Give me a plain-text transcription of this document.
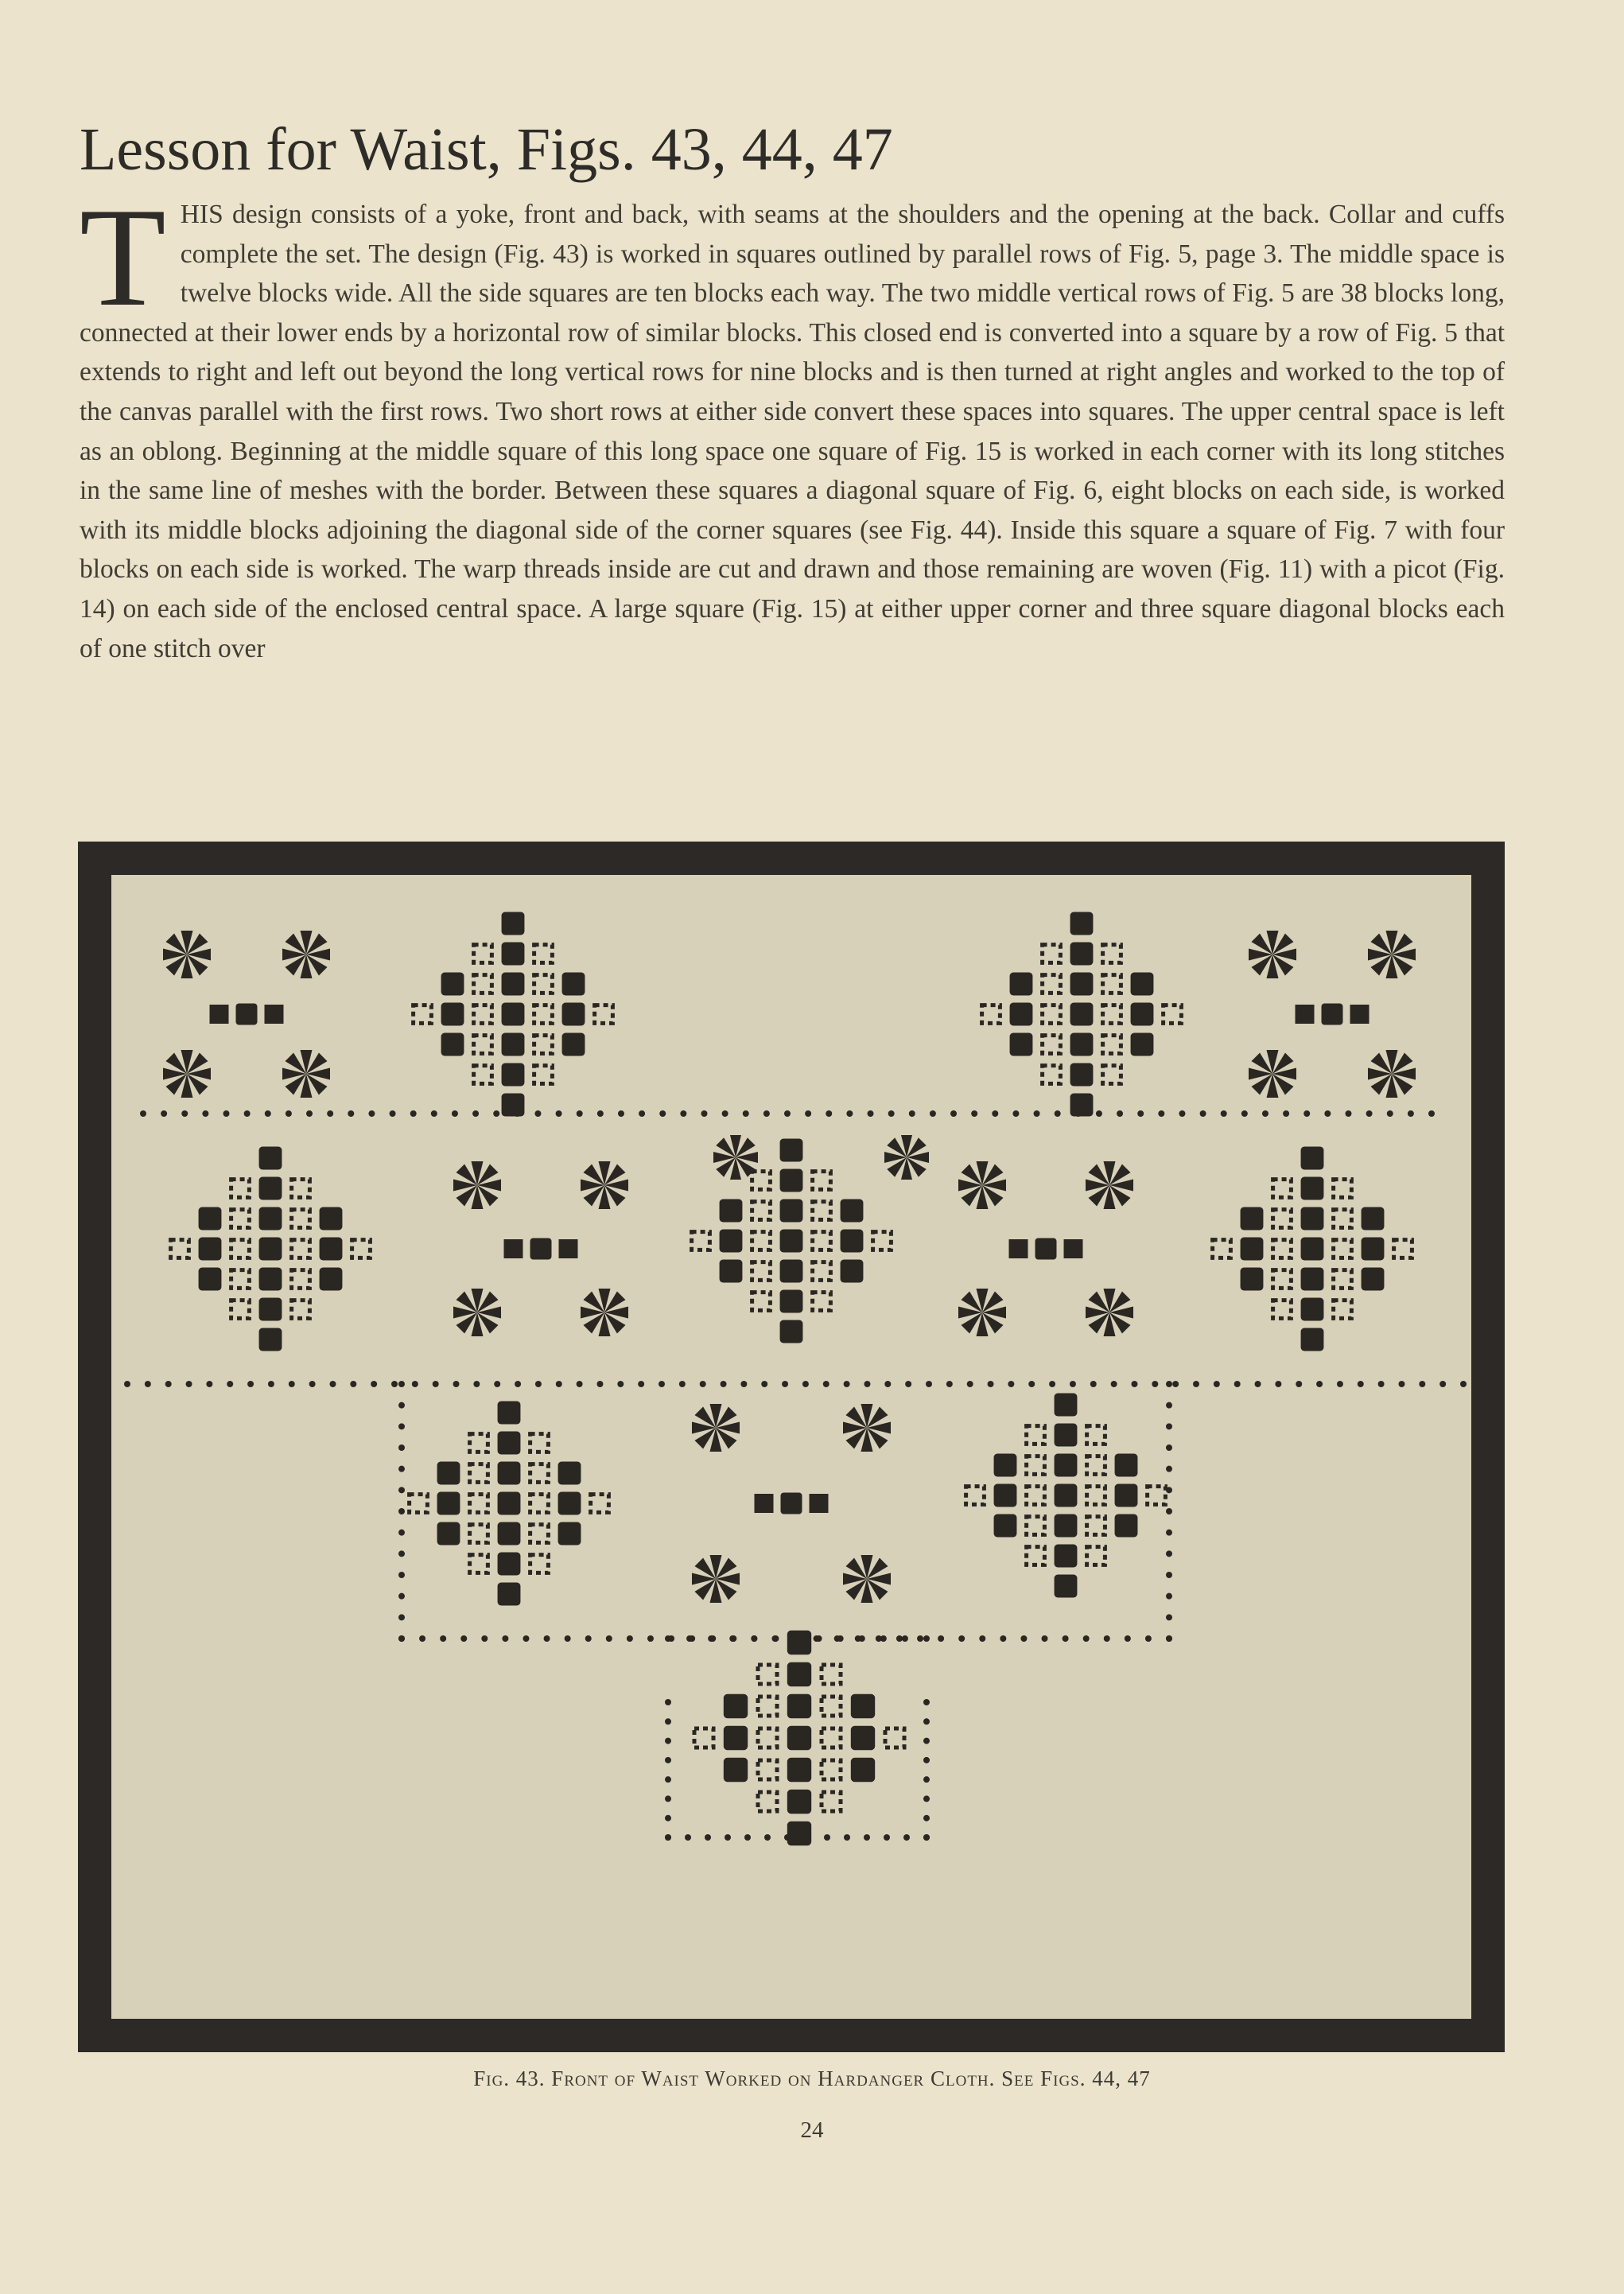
Lesson for Waist, Figs. 43, 44, 47

THIS design consists of a yoke, front and back, with seams at the shoulders and the opening at the back. Collar and cuffs complete the set. The design (Fig. 43) is worked in squares outlined by parallel rows of Fig. 5, page 3. The middle space is twelve blocks wide. All the side squares are ten blocks each way. The two middle vertical rows of Fig. 5 are 38 blocks long, connected at their lower ends by a horizontal row of similar blocks. This closed end is converted into a square by a row of Fig. 5 that extends to right and left out beyond the long vertical rows for nine blocks and is then turned at right angles and worked to the top of the canvas parallel with the first rows. Two short rows at either side convert these spaces into squares. The upper central space is left as an oblong. Beginning at the middle square of this long space one square of Fig. 15 is worked in each corner with its long stitches in the same line of meshes with the border. Between these squares a diagonal square of Fig. 6, eight blocks on each side, is worked with its middle blocks adjoining the diagonal side of the corner squares (see Fig. 44). Inside this square a square of Fig. 7 with four blocks on each side is worked. The warp threads inside are cut and drawn and those remaining are woven (Fig. 11) with a picot (Fig. 14) on each side of the enclosed central space. A large square (Fig. 15) at either upper corner and three square diagonal blocks each of one stitch over

Fig. 43. Front of Waist Worked on Hardanger Cloth. See Figs. 44, 47
24
